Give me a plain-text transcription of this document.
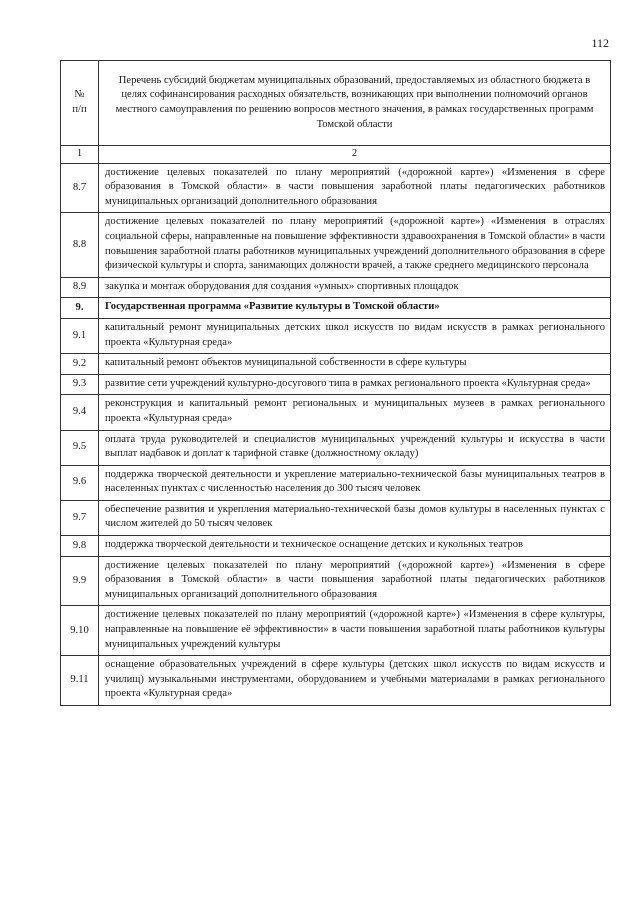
112
№
п/п	Перечень субсидий бюджетам муниципальных образований, предоставляемых из областного бюджета в целях софинансирования расходных обязательств, возникающих при выполнении полномочий органов местного самоуправления по решению вопросов местного значения, в рамках государственных программ Томской области
1	2
8.7	достижение целевых показателей по плану мероприятий («дорожной карте») «Изменения в сфере образования в Томской области» в части повышения заработной платы педагогических работников муниципальных организаций дополнительного образования
8.8	достижение целевых показателей по плану мероприятий («дорожной карте») «Изменения в отраслях социальной сферы, направленные на повышение эффективности здравоохранения в Томской области» в части повышения заработной платы работников муниципальных учреждений дополнительного образования в сфере физической культуры и спорта, занимающих должности врачей, а также среднего медицинского персонала
8.9	закупка и монтаж оборудования для создания «умных» спортивных площадок
9.	Государственная программа «Развитие культуры в Томской области»
9.1	капитальный ремонт муниципальных детских школ искусств по видам искусств в рамках регионального проекта «Культурная среда»
9.2	капитальный ремонт объектов муниципальной собственности в сфере культуры
9.3	развитие сети учреждений культурно-досугового типа в рамках регионального проекта «Культурная среда»
9.4	реконструкция и капитальный ремонт региональных и муниципальных музеев в рамках регионального проекта «Культурная среда»
9.5	оплата труда руководителей и специалистов муниципальных учреждений культуры и искусства в части выплат надбавок и доплат к тарифной ставке (должностному окладу)
9.6	поддержка творческой деятельности и укрепление материально-технической базы муниципальных театров в населенных пунктах с численностью населения до 300 тысяч человек
9.7	обеспечение развития и укрепления материально-технической базы домов культуры в населенных пунктах с числом жителей до 50 тысяч человек
9.8	поддержка творческой деятельности и техническое оснащение детских и кукольных театров
9.9	достижение целевых показателей по плану мероприятий («дорожной карте») «Изменения в сфере образования в Томской области» в части повышения заработной платы педагогических работников муниципальных организаций дополнительного образования
9.10	достижение целевых показателей по плану мероприятий («дорожной карте») «Изменения в сфере культуры, направленные на повышение её эффективности» в части повышения заработной платы работников культуры муниципальных учреждений культуры
9.11	оснащение образовательных учреждений в сфере культуры (детских школ искусств по видам искусств и училищ) музыкальными инструментами, оборудованием и учебными материалами в рамках регионального проекта «Культурная среда»
